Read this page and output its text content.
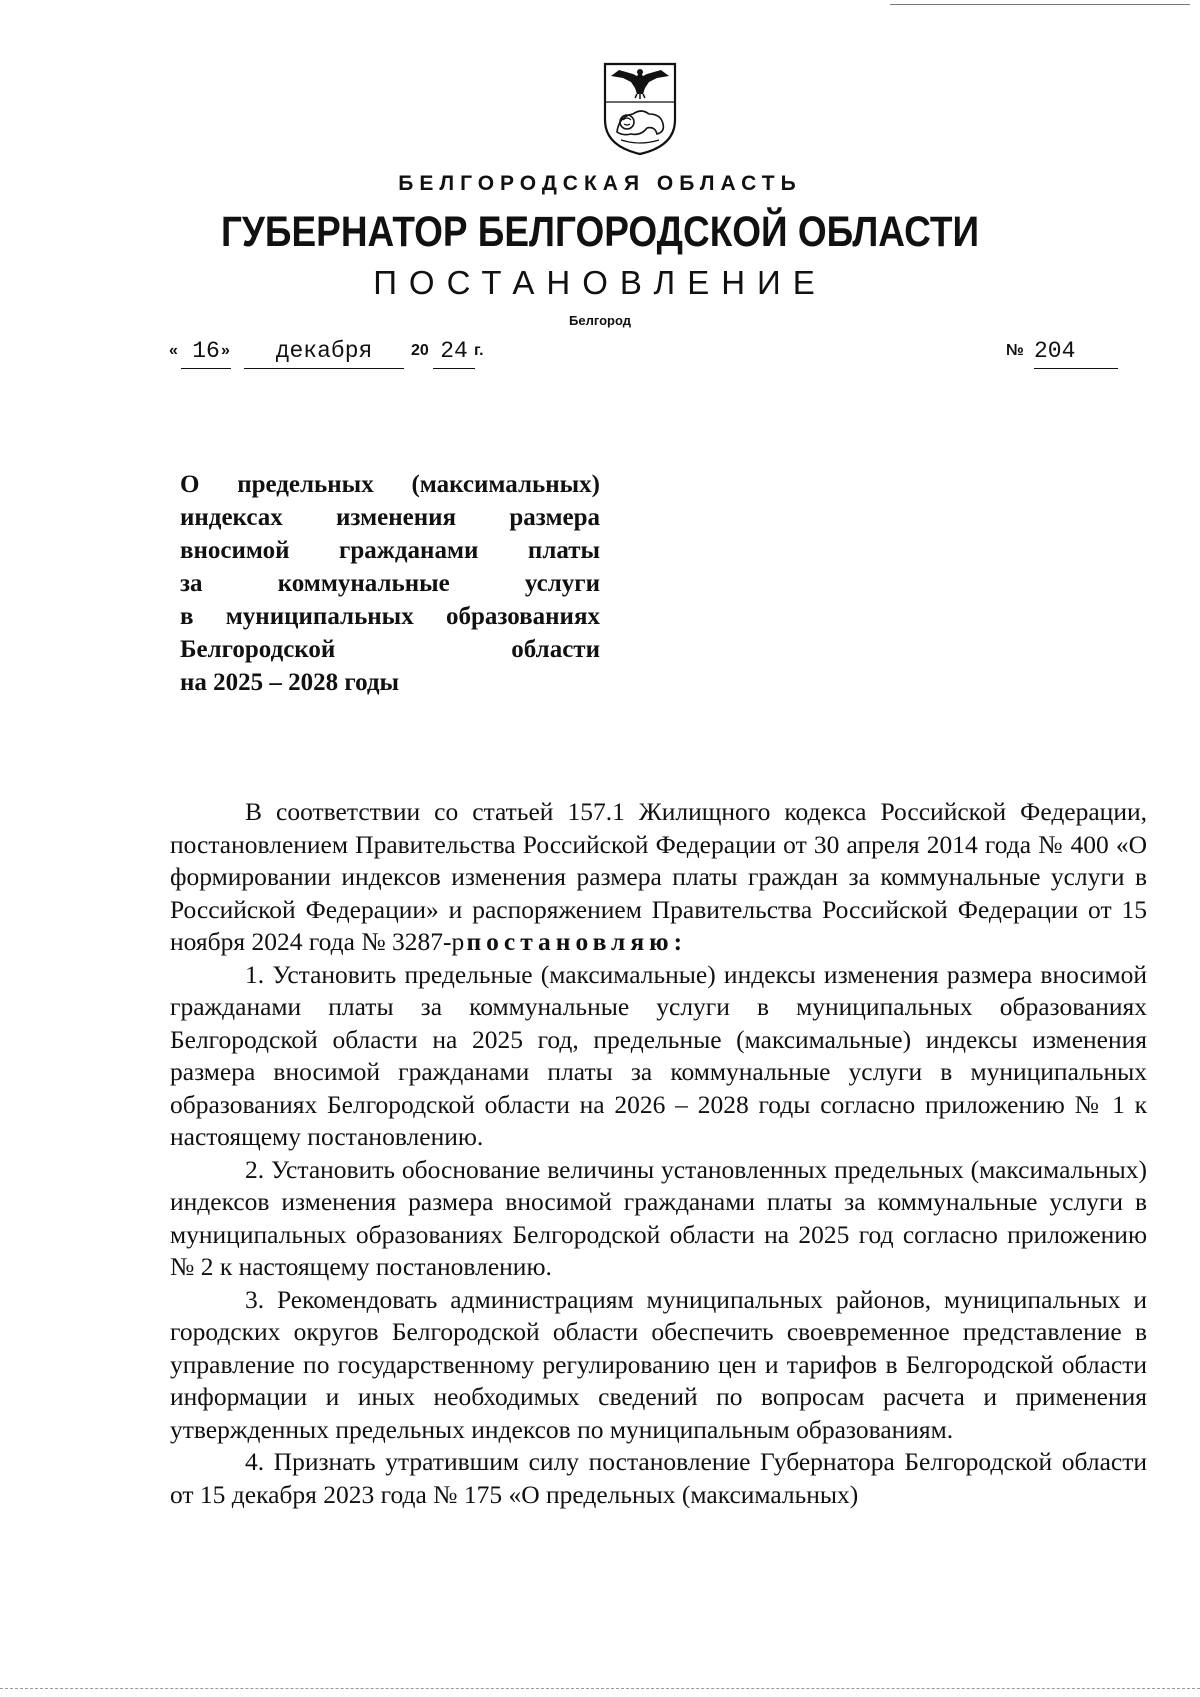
БЕЛГОРОДСКАЯ ОБЛАСТЬ
ГУБЕРНАТОР БЕЛГОРОДСКОЙ ОБЛАСТИ
ПОСТАНОВЛЕНИЕ
Белгород
« 16 »	декабря	20 24 г.	№ 204

О предельных (максимальных)

индексах изменения размера

вносимой гражданами платы

за коммунальные услуги

в муниципальных образованиях

Белгородской области

на 2025 – 2028 годы

В соответствии со статьей 157.1 Жилищного кодекса Российской Федерации, постановлением Правительства Российской Федерации от 30 апреля 2014 года № 400 «О формировании индексов изменения размера платы граждан за коммунальные услуги в Российской Федерации» и распоряжением Правительства Российской Федерации от 15 ноября 2024 года № 3287-р постановляю:

1. Установить предельные (максимальные) индексы изменения размера вносимой гражданами платы за коммунальные услуги в муниципальных образованиях Белгородской области на 2025 год, предельные (максимальные) индексы изменения размера вносимой гражданами платы за коммунальные услуги в муниципальных образованиях Белгородской области на 2026 – 2028 годы согласно приложению № 1 к настоящему постановлению.

2. Установить обоснование величины установленных предельных (максимальных) индексов изменения размера вносимой гражданами платы за коммунальные услуги в муниципальных образованиях Белгородской области на 2025 год согласно приложению № 2 к настоящему постановлению.

3. Рекомендовать администрациям муниципальных районов, муниципальных и городских округов Белгородской области обеспечить своевременное представление в управление по государственному регулированию цен и тарифов в Белгородской области информации и иных необходимых сведений по вопросам расчета и применения утвержденных предельных индексов по муниципальным образованиям.

4. Признать утратившим силу постановление Губернатора Белгородской области от 15 декабря 2023 года № 175 «О предельных (максимальных)
